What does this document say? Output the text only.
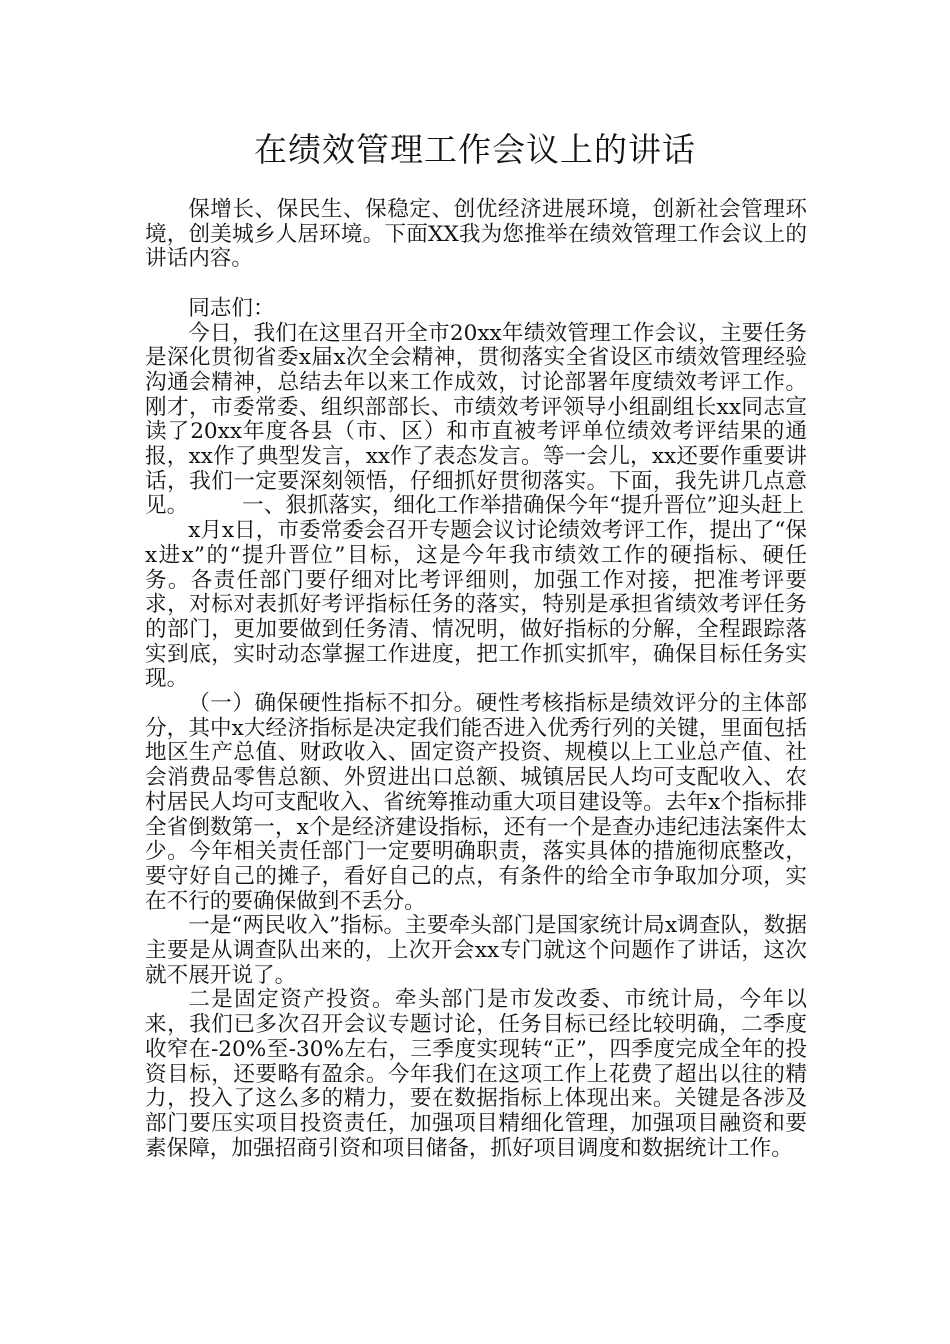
在绩效管理工作会议上的讲话

保增长、保民生、保稳定、创优经济进展环境，创新社会管理环境，创美城乡人居环境。下面XX我为您推举在绩效管理工作会议上的讲话内容。

同志们：

今日，我们在这里召开全市20xx年绩效管理工作会议，主要任务是深化贯彻省委x届x次全会精神，贯彻落实全省设区市绩效管理经验沟通会精神，总结去年以来工作成效，讨论部署年度绩效考评工作。刚才，市委常委、组织部部长、市绩效考评领导小组副组长xx同志宣读了20xx年度各县（市、区）和市直被考评单位绩效考评结果的通报，xx作了典型发言，xx作了表态发言。等一会儿，xx还要作重要讲话，我们一定要深刻领悟，仔细抓好贯彻落实。下面，我先讲几点意见。　　　一、狠抓落实，细化工作举措确保今年“提升晋位”迎头赶上

x月x日，市委常委会召开专题会议讨论绩效考评工作，提出了“保x进x”的“提升晋位”目标，这是今年我市绩效工作的硬指标、硬任务。各责任部门要仔细对比考评细则，加强工作对接，把准考评要求，对标对表抓好考评指标任务的落实，特别是承担省绩效考评任务的部门，更加要做到任务清、情况明，做好指标的分解，全程跟踪落实到底，实时动态掌握工作进度，把工作抓实抓牢，确保目标任务实现。

（一）确保硬性指标不扣分。硬性考核指标是绩效评分的主体部分，其中x大经济指标是决定我们能否进入优秀行列的关键，里面包括地区生产总值、财政收入、固定资产投资、规模以上工业总产值、社会消费品零售总额、外贸进出口总额、城镇居民人均可支配收入、农村居民人均可支配收入、省统筹推动重大项目建设等。去年x个指标排全省倒数第一，x个是经济建设指标，还有一个是查办违纪违法案件太少。今年相关责任部门一定要明确职责，落实具体的措施彻底整改，要守好自己的摊子，看好自己的点，有条件的给全市争取加分项，实在不行的要确保做到不丢分。

一是“两民收入”指标。主要牵头部门是国家统计局x调查队，数据主要是从调查队出来的，上次开会xx专门就这个问题作了讲话，这次就不展开说了。

二是固定资产投资。牵头部门是市发改委、市统计局，今年以来，我们已多次召开会议专题讨论，任务目标已经比较明确，二季度收窄在-20%至-30%左右，三季度实现转“正”，四季度完成全年的投资目标，还要略有盈余。今年我们在这项工作上花费了超出以往的精力，投入了这么多的精力，要在数据指标上体现出来。关键是各涉及部门要压实项目投资责任，加强项目精细化管理，加强项目融资和要素保障，加强招商引资和项目储备，抓好项目调度和数据统计工作。
